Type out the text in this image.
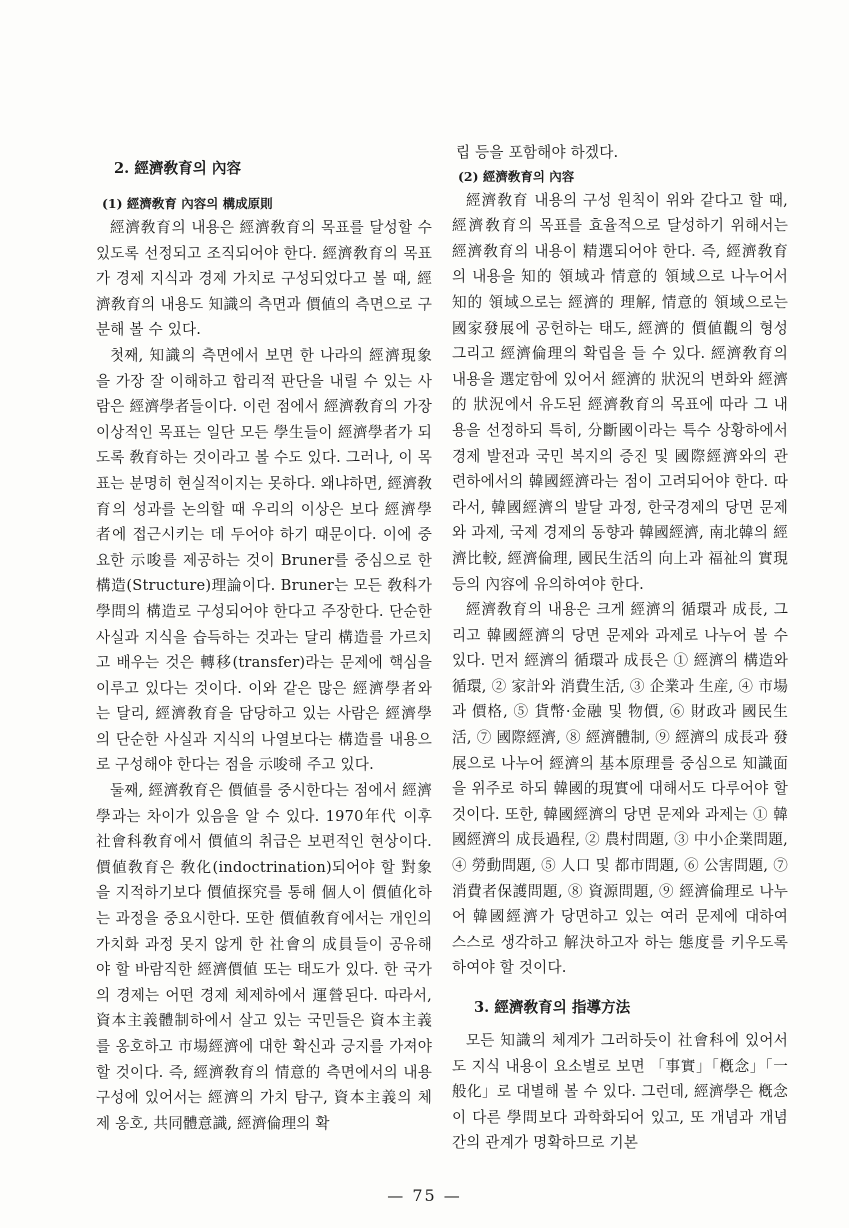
2. 經濟敎育의 內容
(1) 經濟敎育 內容의 構成原則

經濟敎育의 내용은 經濟敎育의 목표를 달성할 수 있도록 선정되고 조직되어야 한다. 經濟敎育의 목표가 경제 지식과 경제 가치로 구성되었다고 볼 때, 經濟敎育의 내용도 知識의 측면과 價値의 측면으로 구분해 볼 수 있다.

첫째, 知識의 측면에서 보면 한 나라의 經濟現象을 가장 잘 이해하고 합리적 판단을 내릴 수 있는 사람은 經濟學者들이다. 이런 점에서 經濟敎育의 가장 이상적인 목표는 일단 모든 學生들이 經濟學者가 되도록 敎育하는 것이라고 볼 수도 있다. 그러나, 이 목표는 분명히 현실적이지는 못하다. 왜냐하면, 經濟敎育의 성과를 논의할 때 우리의 이상은 보다 經濟學者에 접근시키는 데 두어야 하기 때문이다. 이에 중요한 示唆를 제공하는 것이 Bruner를 중심으로 한 構造(Structure)理論이다. Bruner는 모든 敎科가 學問의 構造로 구성되어야 한다고 주장한다. 단순한 사실과 지식을 습득하는 것과는 달리 構造를 가르치고 배우는 것은 轉移(transfer)라는 문제에 핵심을 이루고 있다는 것이다. 이와 같은 많은 經濟學者와는 달리, 經濟敎育을 담당하고 있는 사람은 經濟學의 단순한 사실과 지식의 나열보다는 構造를 내용으로 구성해야 한다는 점을 示唆해 주고 있다.

둘째, 經濟敎育은 價値를 중시한다는 점에서 經濟學과는 차이가 있음을 알 수 있다. 1970年代 이후 社會科敎育에서 價値의 취급은 보편적인 현상이다. 價値敎育은 敎化(indoctrination)되어야 할 對象을 지적하기보다 價値探究를 통해 個人이 價値化하는 과정을 중요시한다. 또한 價値敎育에서는 개인의 가치화 과정 못지 않게 한 社會의 成員들이 공유해야 할 바람직한 經濟價値 또는 태도가 있다. 한 국가의 경제는 어떤 경제 체제하에서 運營된다. 따라서, 資本主義體制하에서 살고 있는 국민들은 資本主義를 옹호하고 市場經濟에 대한 확신과 긍지를 가져야 할 것이다. 즉, 經濟敎育의 情意的 측면에서의 내용 구성에 있어서는 經濟의 가치 탐구, 資本主義의 체제 옹호, 共同體意識, 經濟倫理의 확

립 등을 포함해야 하겠다.

(2) 經濟敎育의 內容

經濟敎育 내용의 구성 원칙이 위와 같다고 할 때, 經濟敎育의 목표를 효율적으로 달성하기 위해서는 經濟敎育의 내용이 精選되어야 한다. 즉, 經濟敎育의 내용을 知的 領域과 情意的 領域으로 나누어서 知的 領域으로는 經濟的 理解, 情意的 領域으로는 國家發展에 공헌하는 태도, 經濟的 價値觀의 형성 그리고 經濟倫理의 확립을 들 수 있다. 經濟敎育의 내용을 選定함에 있어서 經濟的 狀況의 변화와 經濟的 狀況에서 유도된 經濟敎育의 목표에 따라 그 내용을 선정하되 특히, 分斷國이라는 특수 상황하에서 경제 발전과 국민 복지의 증진 및 國際經濟와의 관련하에서의 韓國經濟라는 점이 고려되어야 한다. 따라서, 韓國經濟의 발달 과정, 한국경제의 당면 문제와 과제, 국제 경제의 동향과 韓國經濟, 南北韓의 經濟比較, 經濟倫理, 國民生活의 向上과 福祉의 實現 등의 內容에 유의하여야 한다.

經濟敎育의 내용은 크게 經濟의 循環과 成長, 그리고 韓國經濟의 당면 문제와 과제로 나누어 볼 수 있다. 먼저 經濟의 循環과 成長은 ① 經濟의 構造와 循環, ② 家計와 消費生活, ③ 企業과 生産, ④ 市場과 價格, ⑤ 貨幣·金融 및 物價, ⑥ 財政과 國民生活, ⑦ 國際經濟, ⑧ 經濟體制, ⑨ 經濟의 成長과 發展으로 나누어 經濟의 基本原理를 중심으로 知識面을 위주로 하되 韓國的現實에 대해서도 다루어야 할 것이다. 또한, 韓國經濟의 당면 문제와 과제는 ① 韓國經濟의 成長過程, ② 農村問題, ③ 中小企業問題, ④ 勞動問題, ⑤ 人口 및 都市問題, ⑥ 公害問題, ⑦ 消費者保護問題, ⑧ 資源問題, ⑨ 經濟倫理로 나누어 韓國經濟가 당면하고 있는 여러 문제에 대하여 스스로 생각하고 解決하고자 하는 態度를 키우도록 하여야 할 것이다.

3. 經濟敎育의 指導方法

모든 知識의 체계가 그러하듯이 社會科에 있어서도 지식 내용이 요소별로 보면 「事實」「槪念」「一般化」로 대별해 볼 수 있다. 그런데, 經濟學은 槪念이 다른 學問보다 과학화되어 있고, 또 개념과 개념 간의 관계가 명확하므로 기본

— 75 —
